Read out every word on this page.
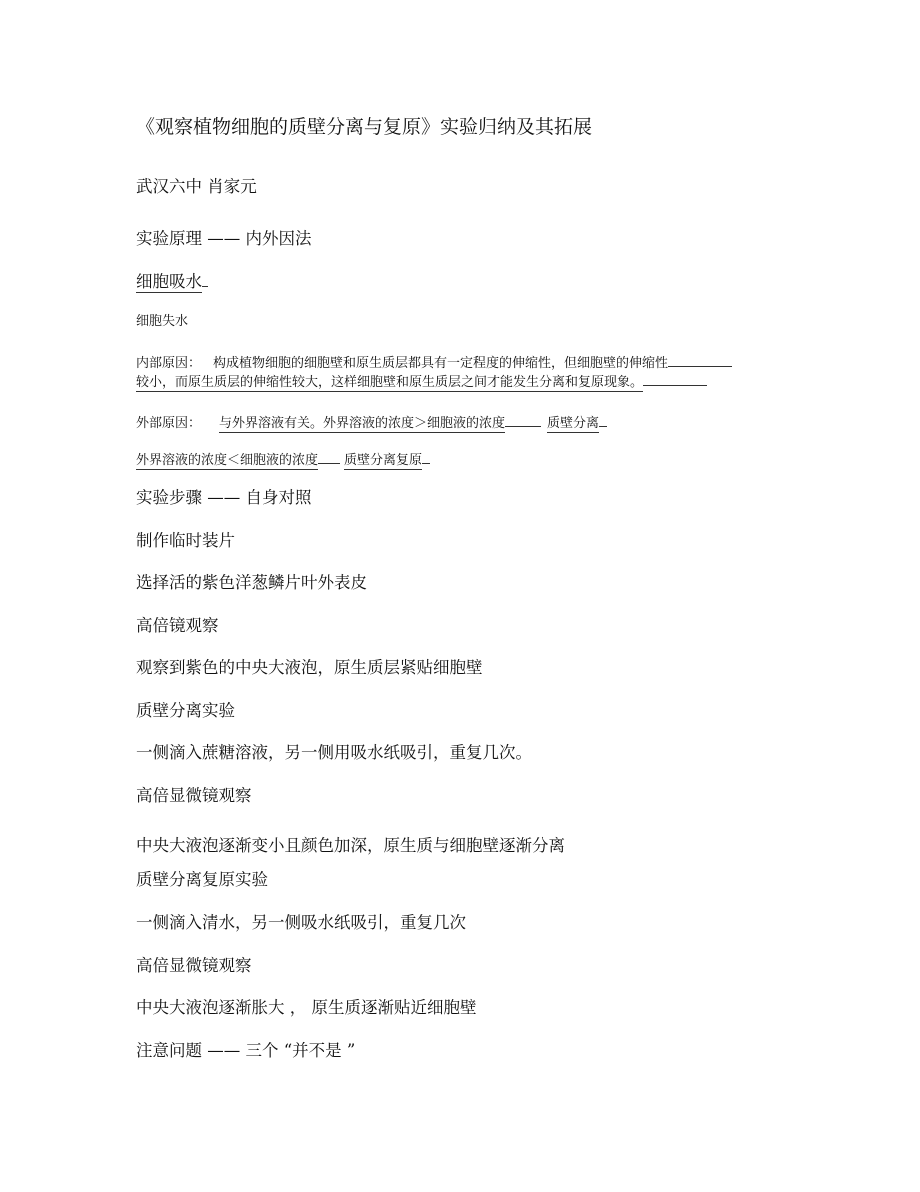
《观察植物细胞的质壁分离与复原》实验归纳及其拓展
武汉六中 肖家元
实验原理 —— 内外因法
细胞吸水
细胞失水
内部原因： 构成植物细胞的细胞壁和原生质层都具有一定程度的伸缩性，但细胞壁的伸缩性
较小，而原生质层的伸缩性较大，这样细胞壁和原生质层之间才能发生分离和复原现象。
外部原因： 与外界溶液有关。外界溶液的浓度＞细胞液的浓度	质壁分离
外界溶液的浓度＜细胞液的浓度 质壁分离复原
实验步骤 —— 自身对照
制作临时装片
选择活的紫色洋葱鳞片叶外表皮
高倍镜观察
观察到紫色的中央大液泡，原生质层紧贴细胞壁
质壁分离实验
一侧滴入蔗糖溶液，另一侧用吸水纸吸引，重复几次。
高倍显微镜观察
中央大液泡逐渐变小且颜色加深，原生质与细胞壁逐渐分离
质壁分离复原实验
一侧滴入清水，另一侧吸水纸吸引，重复几次
高倍显微镜观察
中央大液泡逐渐胀大 ， 原生质逐渐贴近细胞壁
注意问题 —— 三个 “并不是 ”
